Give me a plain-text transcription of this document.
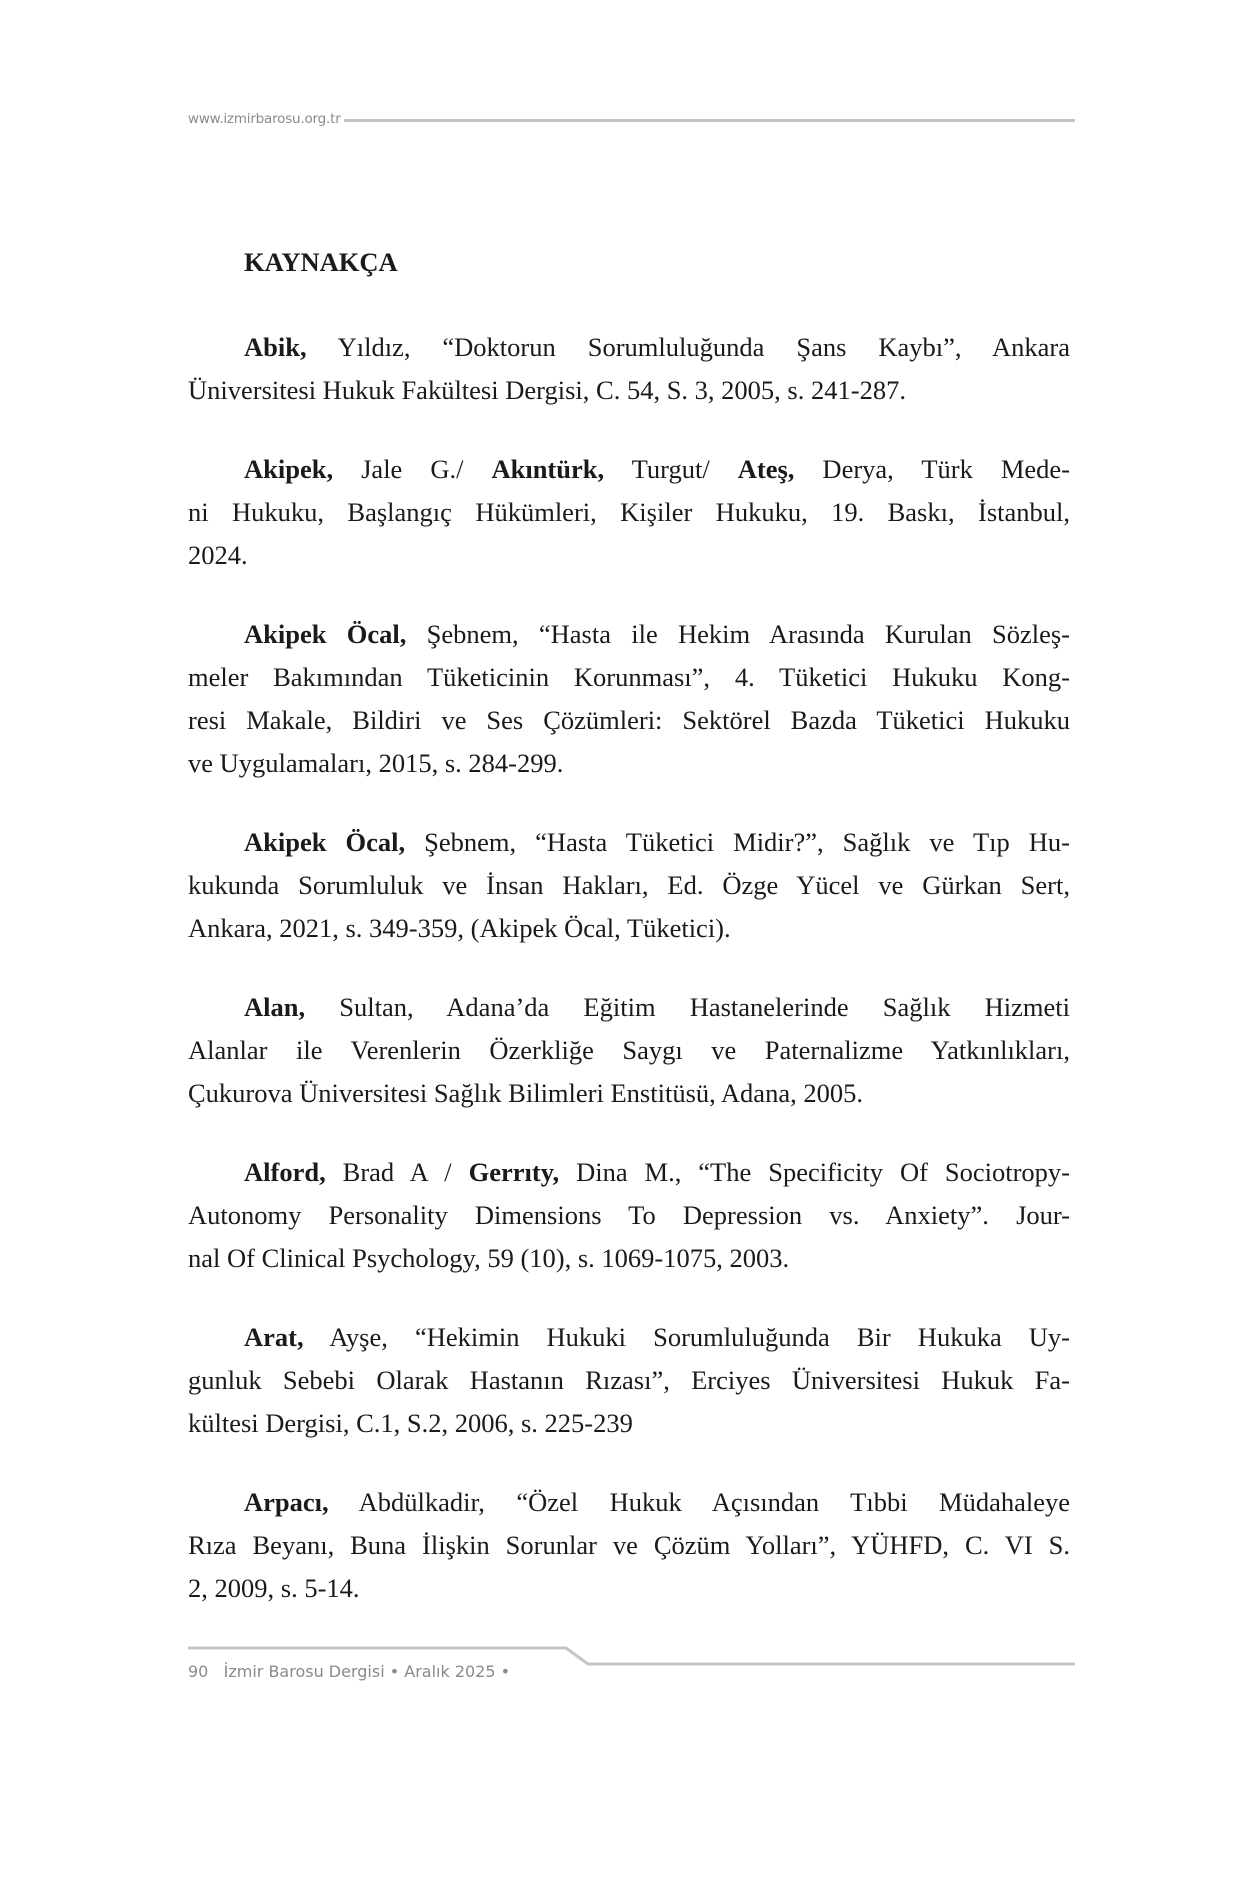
www.izmirbarosu.org.tr
KAYNAKÇA
Abik, Yıldız, “Doktorun Sorumluluğunda Şans Kaybı”, Ankara
Üniversitesi Hukuk Fakültesi Dergisi, C. 54, S. 3, 2005, s. 241-287.
Akipek, Jale G./ Akıntürk, Turgut/ Ateş, Derya, Türk Mede-
ni Hukuku, Başlangıç Hükümleri, Kişiler Hukuku, 19. Baskı, İstanbul,
2024.
Akipek Öcal, Şebnem, “Hasta ile Hekim Arasında Kurulan Sözleş-
meler Bakımından Tüketicinin Korunması”, 4. Tüketici Hukuku Kong-
resi Makale, Bildiri ve Ses Çözümleri: Sektörel Bazda Tüketici Hukuku
ve Uygulamaları, 2015, s. 284-299.
Akipek Öcal, Şebnem, “Hasta Tüketici Midir?”, Sağlık ve Tıp Hu-
kukunda Sorumluluk ve İnsan Hakları, Ed. Özge Yücel ve Gürkan Sert,
Ankara, 2021, s. 349-359, (Akipek Öcal, Tüketici).
Alan, Sultan, Adana’da Eğitim Hastanelerinde Sağlık Hizmeti
Alanlar ile Verenlerin Özerkliğe Saygı ve Paternalizme Yatkınlıkları,
Çukurova Üniversitesi Sağlık Bilimleri Enstitüsü, Adana, 2005.
Alford, Brad A / Gerrıty, Dina M., “The Specificity Of Sociotropy-
Autonomy Personality Dimensions To Depression vs. Anxiety”. Jour-
nal Of Clinical Psychology, 59 (10), s. 1069-1075, 2003.
Arat, Ayşe, “Hekimin Hukuki Sorumluluğunda Bir Hukuka Uy-
gunluk Sebebi Olarak Hastanın Rızası”, Erciyes Üniversitesi Hukuk Fa-
kültesi Dergisi, C.1, S.2, 2006, s. 225-239
Arpacı, Abdülkadir, “Özel Hukuk Açısından Tıbbi Müdahaleye
Rıza Beyanı, Buna İlişkin Sorunlar ve Çözüm Yolları”, YÜHFD, C. VI S.
2, 2009, s. 5-14.
90 İzmir Barosu Dergisi • Aralık 2025 •
